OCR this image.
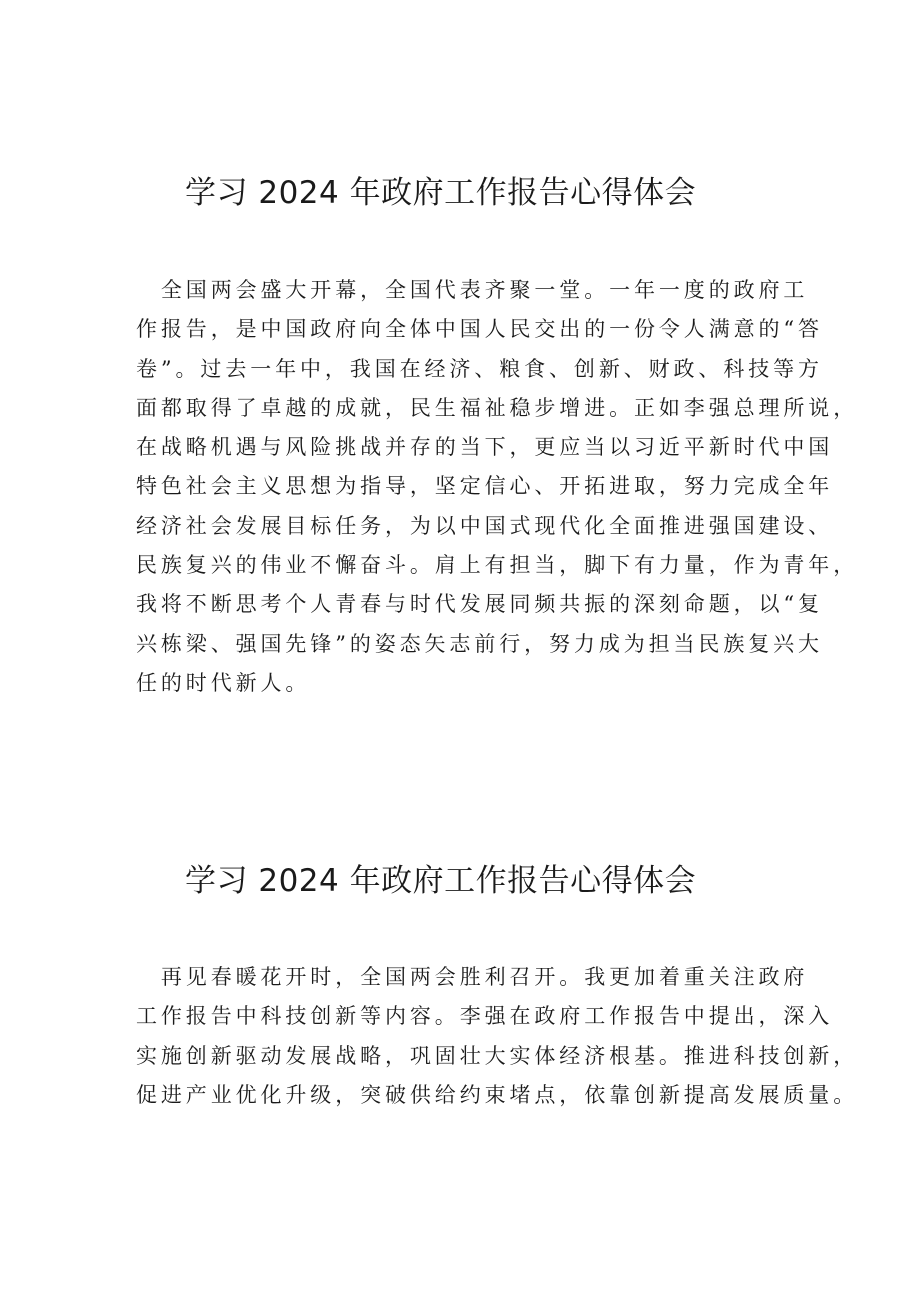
学习 2024 年政府工作报告心得体会
　全国两会盛大开幕，全国代表齐聚一堂。一年一度的政府工
作报告，是中国政府向全体中国人民交出的一份令人满意的“答
卷”。过去一年中，我国在经济、粮食、创新、财政、科技等方
面都取得了卓越的成就，民生福祉稳步增进。正如李强总理所说，
在战略机遇与风险挑战并存的当下，更应当以习近平新时代中国
特色社会主义思想为指导，坚定信心、开拓进取，努力完成全年
经济社会发展目标任务，为以中国式现代化全面推进强国建设、
民族复兴的伟业不懈奋斗。肩上有担当，脚下有力量，作为青年，
我将不断思考个人青春与时代发展同频共振的深刻命题，以“复
兴栋梁、强国先锋”的姿态矢志前行，努力成为担当民族复兴大
任的时代新人。
学习 2024 年政府工作报告心得体会
　再见春暖花开时，全国两会胜利召开。我更加着重关注政府
工作报告中科技创新等内容。李强在政府工作报告中提出，深入
实施创新驱动发展战略，巩固壮大实体经济根基。推进科技创新，
促进产业优化升级，突破供给约束堵点，依靠创新提高发展质量。
